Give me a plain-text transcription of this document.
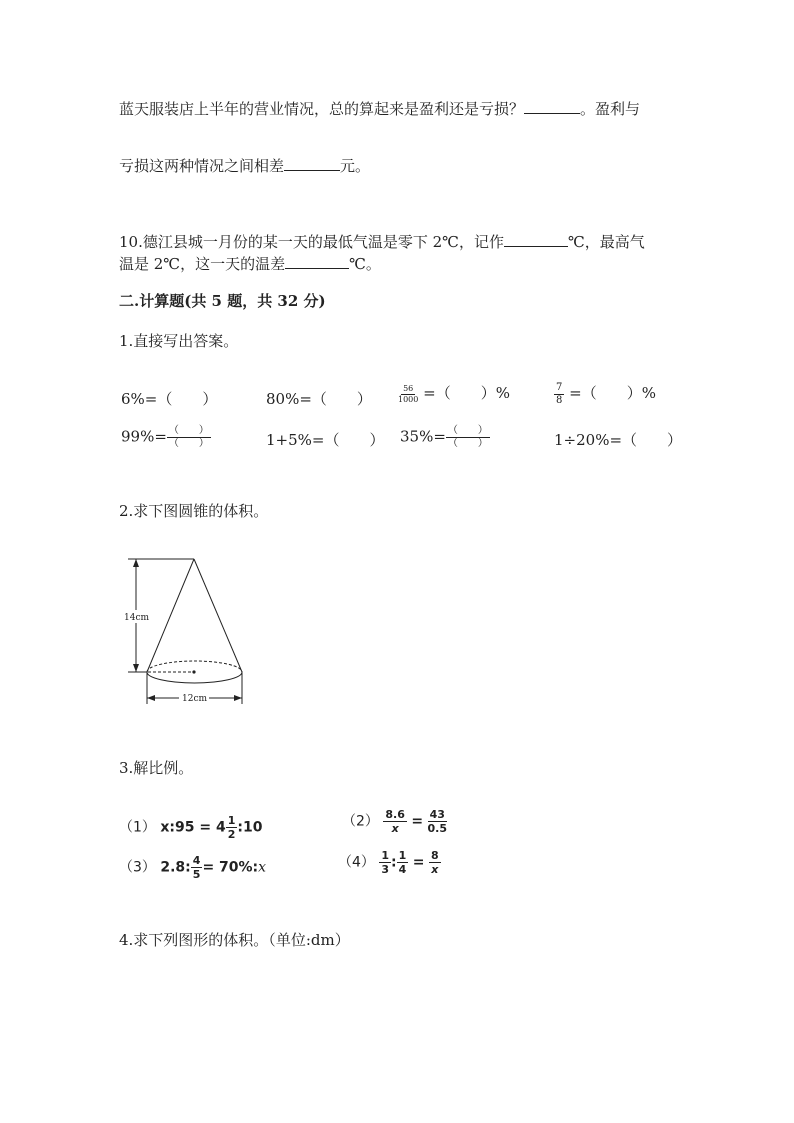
蓝天服装店上半年的营业情况，总的算起来是盈利还是亏损？	。盈利与
亏损这两种情况之间相差	元。
10.德江县城一月份的某一天的最低气温是零下 2℃，记作	℃，最高气
温是 2℃，这一天的温差	℃。
二.计算题(共 5 题，共 32 分)
1.直接写出答案。
6%=（　　）	80%=（　　）	$\frac{56}{1000}$ =（　　）%	$\frac{7}{8}$ =（　　）%
$99\%= \frac{( )}{( )}$	1+5%=（　　） $35\%= \frac{( )}{( )}$	1÷20%=（　　）
2.求下图圆锥的体积。
14cm
12cm
3.解比例。
（1） x:95 = $4 \frac{1}{2}$ :10	$(2) \frac{8.6}{x} = \frac{43}{0.5}$
（3） 2.8: $\frac{4}{5}$ = 70%:x	$(4) \frac{1}{3}$ : $\frac{1}{4} = \frac{8}{x}$
4.求下列图形的体积。（单位:dm）
